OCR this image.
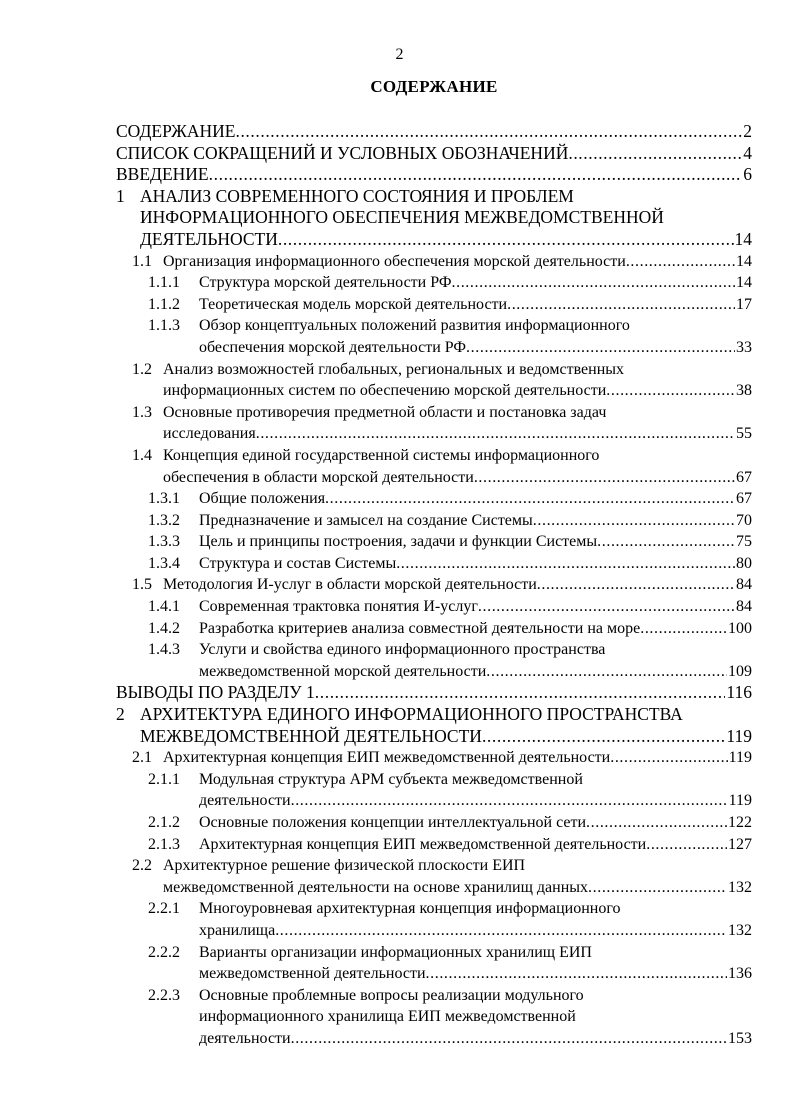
2
СОДЕРЖАНИЕ
СОДЕРЖАНИЕ .....	2
СПИСОК СОКРАЩЕНИЙ И УСЛОВНЫХ ОБОЗНАЧЕНИЙ .....	4
ВВЕДЕНИЕ .....	6
1 АНАЛИЗ СОВРЕМЕННОГО СОСТОЯНИЯ И ПРОБЛЕМ
ИНФОРМАЦИОННОГО ОБЕСПЕЧЕНИЯ МЕЖВЕДОМСТВЕННОЙ
ДЕЯТЕЛЬНОСТИ .....	14
1.1 Организация информационного обеспечения морской деятельности .....	14
1.1.1 Структура морской деятельности РФ .....	14
1.1.2 Теоретическая модель морской деятельности .....	17
1.1.3 Обзор концептуальных положений развития информационного
обеспечения морской деятельности РФ .....	33
1.2 Анализ возможностей глобальных, региональных и ведомственных
информационных систем по обеспечению морской деятельности .....	38
1.3 Основные противоречия предметной области и постановка задач
исследования .....	55
1.4 Концепция единой государственной системы информационного
обеспечения в области морской деятельности .....	67
1.3.1 Общие положения .....	67
1.3.2 Предназначение и замысел на создание Системы .....	70
1.3.3 Цель и принципы построения, задачи и функции Системы .....	75
1.3.4 Структура и состав Системы .....	80
1.5 Методология И-услуг в области морской деятельности .....	84
1.4.1 Современная трактовка понятия И-услуг .....	84
1.4.2 Разработка критериев анализа совместной деятельности на море .....	100
1.4.3 Услуги и свойства единого информационного пространства
межведомственной морской деятельности .....	109
ВЫВОДЫ ПО РАЗДЕЛУ 1 .....	116
2 АРХИТЕКТУРА ЕДИНОГО ИНФОРМАЦИОННОГО ПРОСТРАНСТВА
МЕЖВЕДОМСТВЕННОЙ ДЕЯТЕЛЬНОСТИ .....	119
2.1 Архитектурная концепция ЕИП межведомственной деятельности .....	119
2.1.1 Модульная структура АРМ субъекта межведомственной
деятельности .....	119
2.1.2 Основные положения концепции интеллектуальной сети .....	122
2.1.3 Архитектурная концепция ЕИП межведомственной деятельности .....	127
2.2 Архитектурное решение физической плоскости ЕИП
межведомственной деятельности на основе хранилищ данных .....	132
2.2.1 Многоуровневая архитектурная концепция информационного
хранилища .....	132
2.2.2 Варианты организации информационных хранилищ ЕИП
межведомственной деятельности .....	136
2.2.3 Основные проблемные вопросы реализации модульного
информационного хранилища ЕИП межведомственной
деятельности .....	153
